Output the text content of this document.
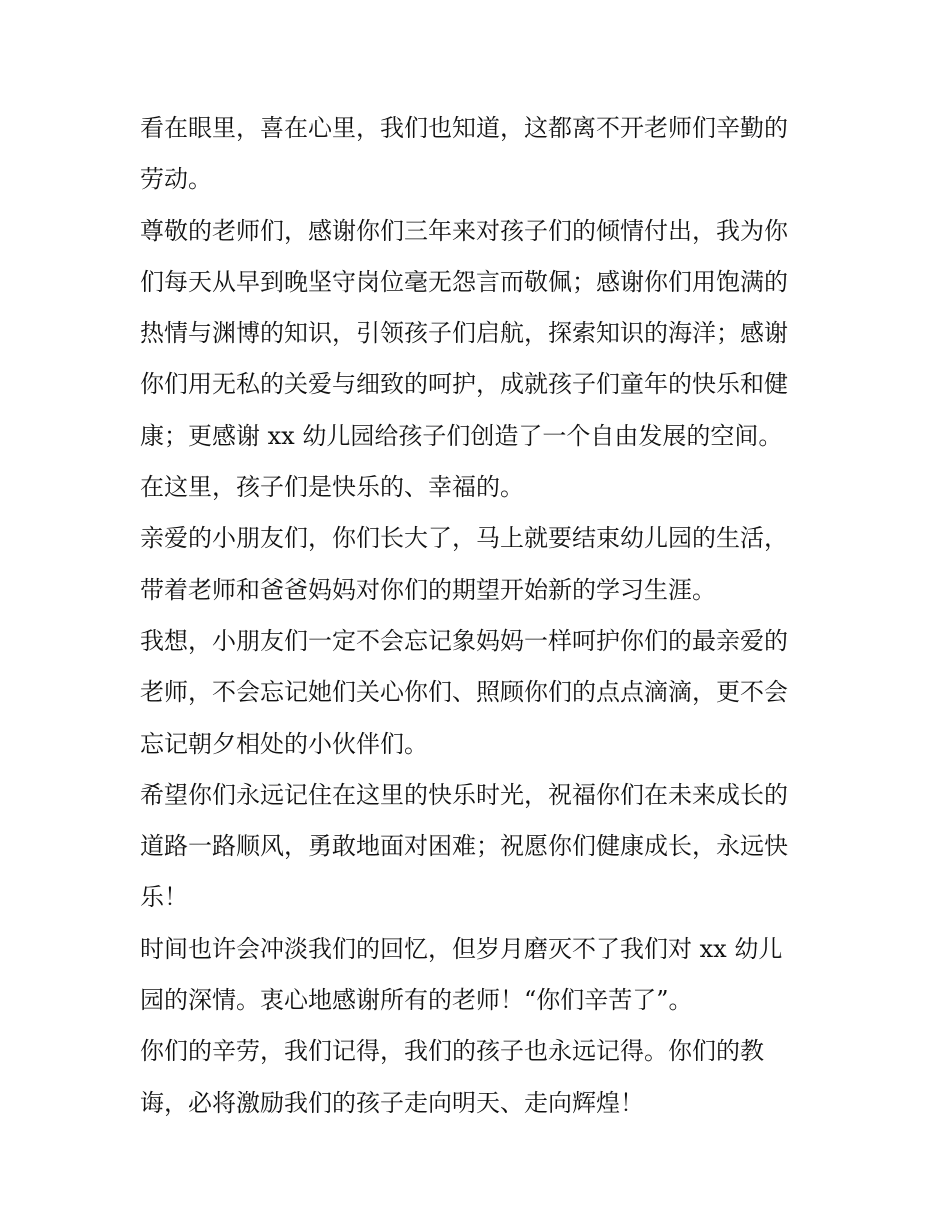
看在眼里，喜在心里，我们也知道，这都离不开老师们辛勤的
劳动。
尊敬的老师们，感谢你们三年来对孩子们的倾情付出，我为你
们每天从早到晚坚守岗位毫无怨言而敬佩；感谢你们用饱满的
热情与渊博的知识，引领孩子们启航，探索知识的海洋；感谢
你们用无私的关爱与细致的呵护，成就孩子们童年的快乐和健
康；更感谢 xx 幼儿园给孩子们创造了一个自由发展的空间。
在这里，孩子们是快乐的、幸福的。
亲爱的小朋友们，你们长大了，马上就要结束幼儿园的生活，
带着老师和爸爸妈妈对你们的期望开始新的学习生涯。
我想，小朋友们一定不会忘记象妈妈一样呵护你们的最亲爱的
老师，不会忘记她们关心你们、照顾你们的点点滴滴，更不会
忘记朝夕相处的小伙伴们。
希望你们永远记住在这里的快乐时光，祝福你们在未来成长的
道路一路顺风，勇敢地面对困难；祝愿你们健康成长，永远快
乐！
时间也许会冲淡我们的回忆，但岁月磨灭不了我们对 xx 幼儿
园的深情。衷心地感谢所有的老师！“你们辛苦了”。
你们的辛劳，我们记得，我们的孩子也永远记得。你们的教
诲，必将激励我们的孩子走向明天、走向辉煌！
